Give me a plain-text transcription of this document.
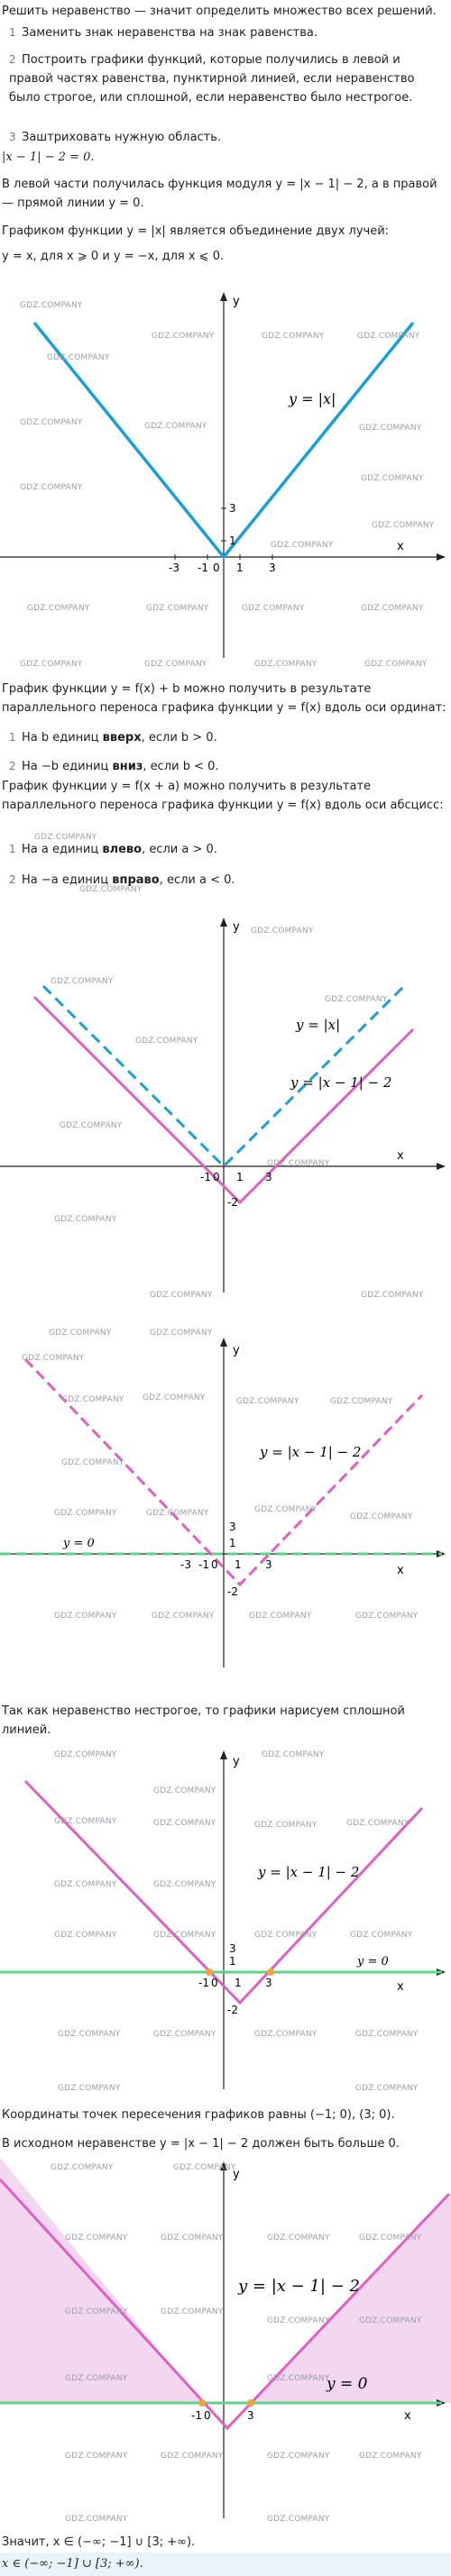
Решить неравенство — значит определить множество всех решений.
1 Заменить знак неравенства на знак равенства.
2 Построить графики функций, которые получились в левой и правой частях равенства, пунктирной линией, если неравенство было строгое, или сплошной, если неравенство было нестрогое.
3 Заштриховать нужную область.
|x − 1| − 2 = 0.
В левой части получилась функция модуля y = |x − 1| − 2, а в правой — прямой линии y = 0.
Графиком функции y = |x| является объединение двух лучей:
y = x, для x ⩾ 0 и y = −x, для x ⩽ 0.
x
y
0
-3 -1	1 3
3
1
y = |x|
GDZ.COMPANY
GDZ.COMPANY
GDZ.COMPANY	GDZ.COMPANY	GDZ.COMPANY
GDZ.COMPANY	GDZ.COMPANY	GDZ.COMPANY
GDZ.COMPANY
GDZ.COMPANY
GDZ.COMPANY
GDZ.COMPANY
GDZ.COMPANY	GDZ.COMPANY	GDZ.COMPANY	GDZ.COMPANY
GDZ.COMPANY	GDZ.COMPANY	GDZ.COMPANY	GDZ.COMPANY
График функции y = f(x) + b можно получить в результате параллельного переноса графика функции y = f(x) вдоль оси ординат:
1 На b единиц вверх, если b > 0.
2 На −b единиц вниз, если b < 0.
График функции y = f(x + a) можно получить в результате параллельного переноса графика функции y = f(x) вдоль оси абсцисс:
1 На a единиц влево, если a > 0.
2 На −a единиц вправо, если a < 0.
GDZ.COMPANY
GDZ.COMPANY
x
y
0
-1 1 3
-2
y = |x|
y = |x − 1| − 2
GDZ.COMPANY
GDZ.COMPANY
GDZ.COMPANY
GDZ.COMPANY
GDZ.COMPANY
GDZ.COMPANY
GDZ.COMPANY
GDZ.COMPANY	GDZ.COMPANY
x
y
0
-3 -1 1 3
3
1
-2
y = |x − 1| − 2
y = 0
GDZ.COMPANY	GDZ.COMPANY
GDZ.COMPANY
GDZ.COMPANY GDZ.COMPANY	GDZ.COMPANY	GDZ.COMPANY
GDZ.COMPANY
GDZ.COMPANY	GDZ.COMPANY	GDZ.COMPANY
GDZ.COMPANY
GDZ.COMPANY	GDZ.COMPANY	GDZ.COMPANY	GDZ.COMPANY
Так как неравенство нестрогое, то графики нарисуем сплошной линией.
x
y
0
-1 1 3
3
1
-2
y = |x − 1| − 2
y = 0
GDZ.COMPANY	GDZ.COMPANY
GDZ.COMPANY
GDZ.COMPANY	GDZ.COMPANY	GDZ.COMPANY	GDZ.COMPANY
GDZ.COMPANY	GDZ.COMPANY
GDZ.COMPANY	GDZ.COMPANY	GDZ.COMPANY	GDZ.COMPANY
GDZ.COMPANY	GDZ.COMPANY	GDZ.COMPANY	GDZ.COMPANY
GDZ.COMPANY	GDZ.COMPANY
Координаты точек пересечения графиков равны (−1; 0), (3; 0).
В исходном неравенстве y = |x − 1| − 2 должен быть больше 0.
x
y
0
-1	3
y = |x − 1| − 2
y = 0
GDZ.COMPANY	GDZ.COMPANY
GDZ.COMPANY	GDZ.COMPANY	GDZ.COMPANY	GDZ.COMPANY
GDZ.COMPANY	GDZ.COMPANY
GDZ.COMPANY	GDZ.COMPANY
GDZ.COMPANY	GDZ.COMPANY
GDZ.COMPANY	GDZ.COMPANY	GDZ.COMPANY	GDZ.COMPANY
GDZ.COMPANY	GDZ.COMPANY
Значит, x ∈ (−∞; −1] ∪ [3; +∞).
x ∈ (−∞; −1] ∪ [3; +∞).
